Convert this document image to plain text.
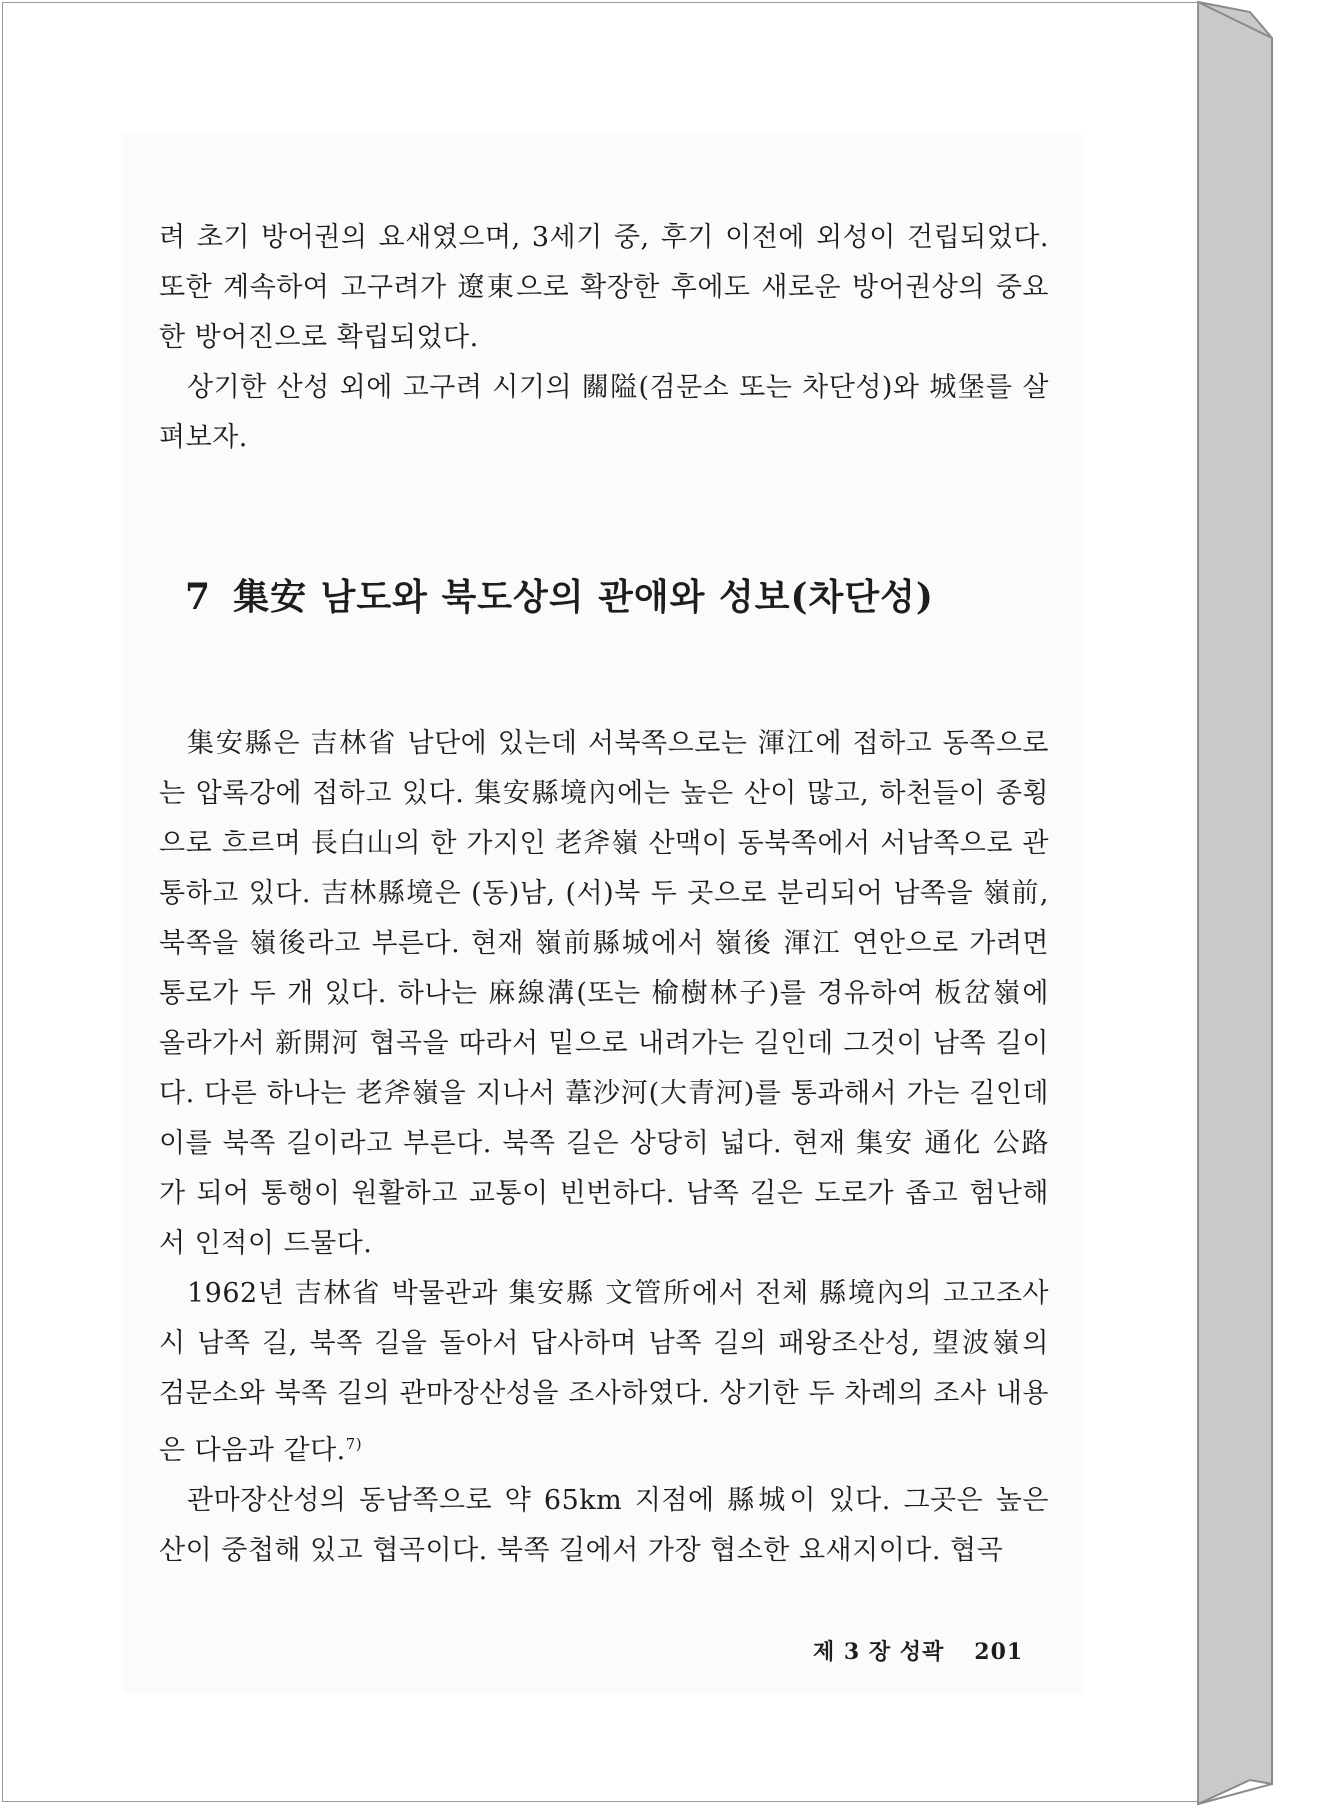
려 초기 방어권의 요새였으며, 3세기 중, 후기 이전에 외성이 건립되었다. 또한 계속하여 고구려가 遼東으로 확장한 후에도 새로운 방어권상의 중요한 방어진으로 확립되었다.

상기한 산성 외에 고구려 시기의 關隘(검문소 또는 차단성)와 城堡를 살펴보자.

7 集安 남도와 북도상의 관애와 성보(차단성)

集安縣은 吉林省 남단에 있는데 서북쪽으로는 渾江에 접하고 동쪽으로는 압록강에 접하고 있다. 集安縣境內에는 높은 산이 많고, 하천들이 종횡으로 흐르며 長白山의 한 가지인 老斧嶺 산맥이 동북쪽에서 서남쪽으로 관통하고 있다. 吉林縣境은 (동)남, (서)북 두 곳으로 분리되어 남쪽을 嶺前, 북쪽을 嶺後라고 부른다. 현재 嶺前縣城에서 嶺後 渾江 연안으로 가려면 통로가 두 개 있다. 하나는 麻線溝(또는 榆樹林子)를 경유하여 板岔嶺에 올라가서 新開河 협곡을 따라서 밑으로 내려가는 길인데 그것이 남쪽 길이다. 다른 하나는 老斧嶺을 지나서 葦沙河(大青河)를 통과해서 가는 길인데 이를 북쪽 길이라고 부른다. 북쪽 길은 상당히 넓다. 현재 集安 通化 公路가 되어 통행이 원활하고 교통이 빈번하다. 남쪽 길은 도로가 좁고 험난해서 인적이 드물다.

1962년 吉林省 박물관과 集安縣 文管所에서 전체 縣境內의 고고조사시 남쪽 길, 북쪽 길을 돌아서 답사하며 남쪽 길의 패왕조산성, 望波嶺의 검문소와 북쪽 길의 관마장산성을 조사하였다. 상기한 두 차례의 조사 내용은 다음과 같다.$^{7)}$

관마장산성의 동남쪽으로 약 65km 지점에 縣城이 있다. 그곳은 높은 산이 중첩해 있고 협곡이다. 북쪽 길에서 가장 협소한 요새지이다. 협곡

제 3 장 성곽 201
